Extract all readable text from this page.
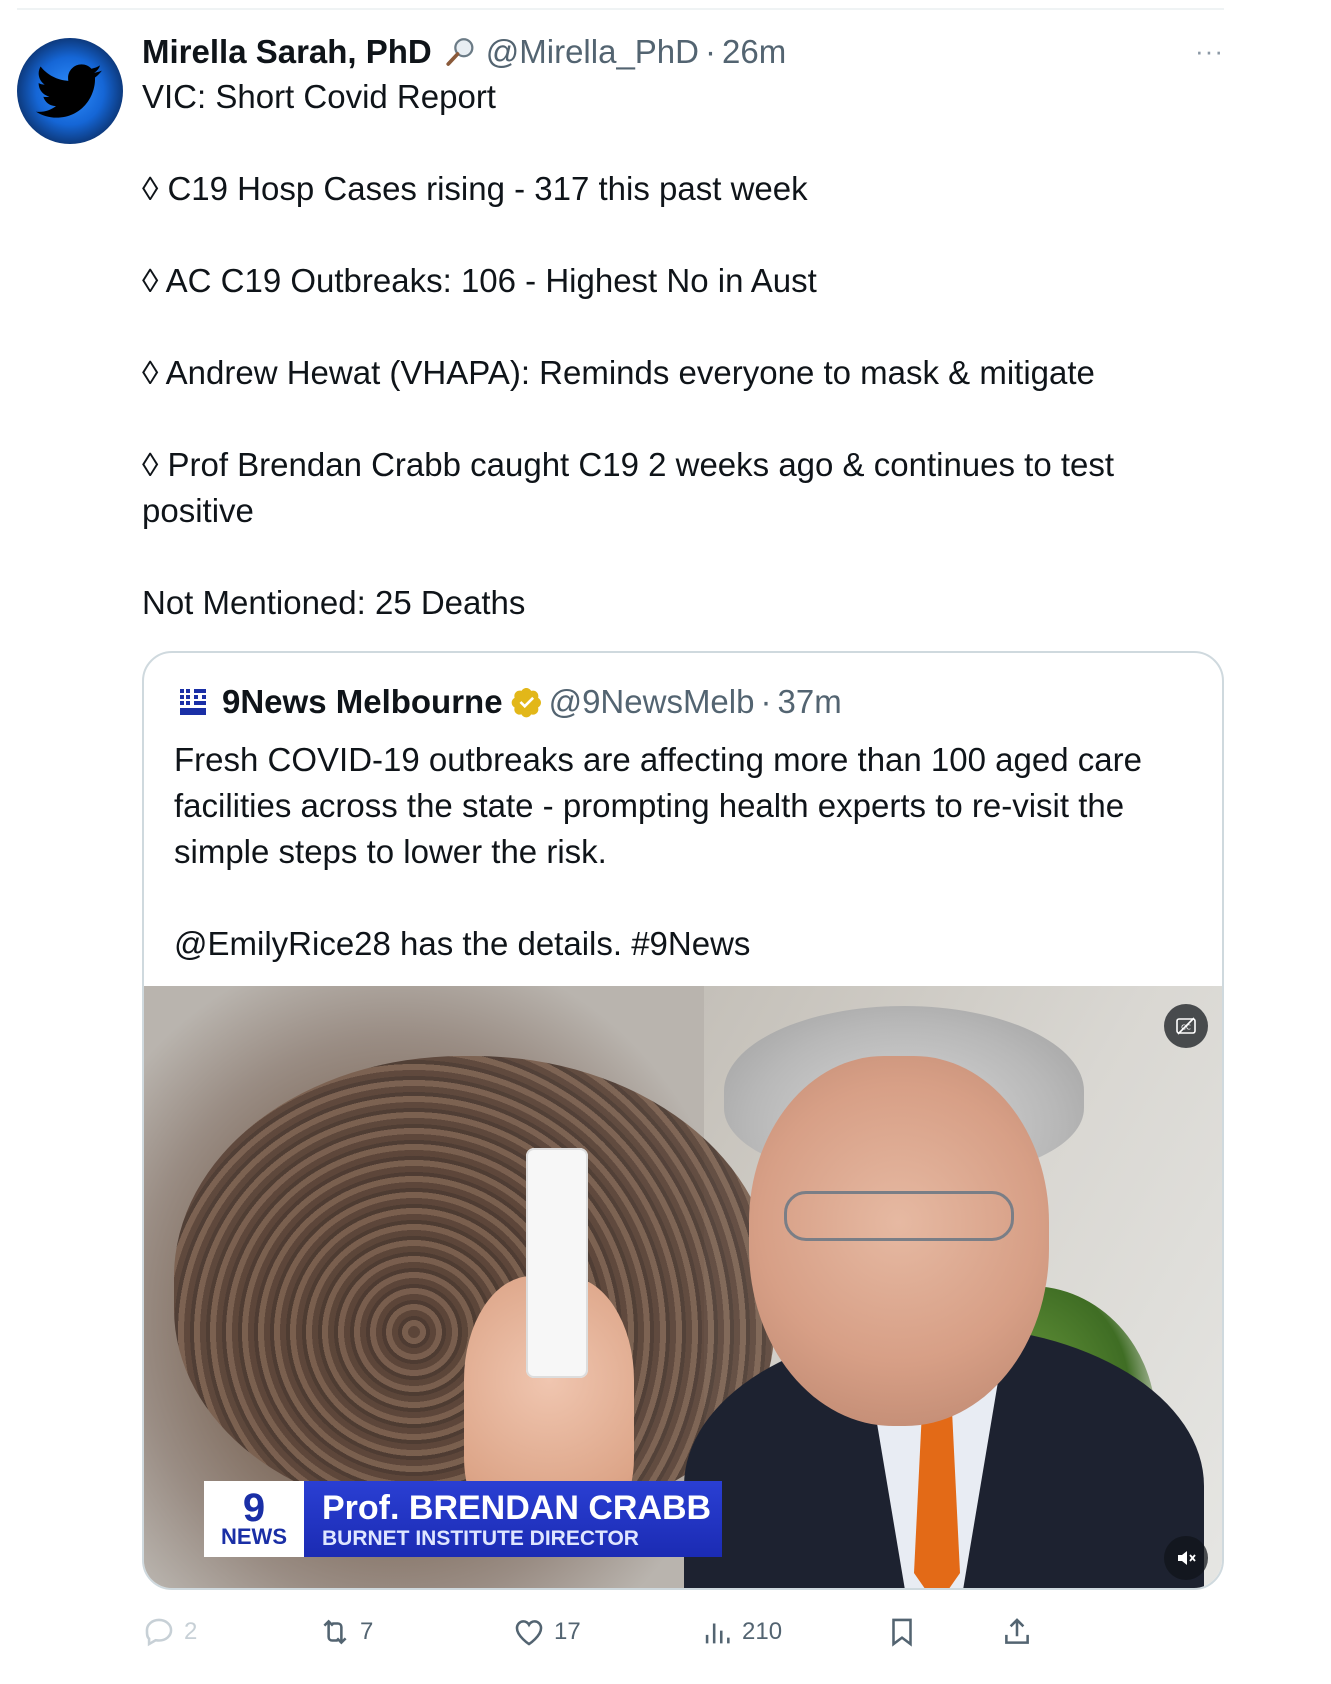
Mirella Sarah, PhD @Mirella_PhD · 26m	···
VIC: Short Covid Report
◊ C19 Hosp Cases rising - 317 this past week
◊ AC C19 Outbreaks: 106 - Highest No in Aust
◊ Andrew Hewat (VHAPA): Reminds everyone to mask & mitigate
◊ Prof Brendan Crabb caught C19 2 weeks ago & continues to test
positive
Not Mentioned: 25 Deaths
9News Melbourne @9NewsMelb · 37m
Fresh COVID-19 outbreaks are affecting more than 100 aged care
facilities across the state - prompting health experts to re-visit the
simple steps to lower the risk.
@EmilyRice28 has the details. #9News
9
NEWS
Prof. BRENDAN CRABB
BURNET INSTITUTE DIRECTOR
CC
2	7	17	210
